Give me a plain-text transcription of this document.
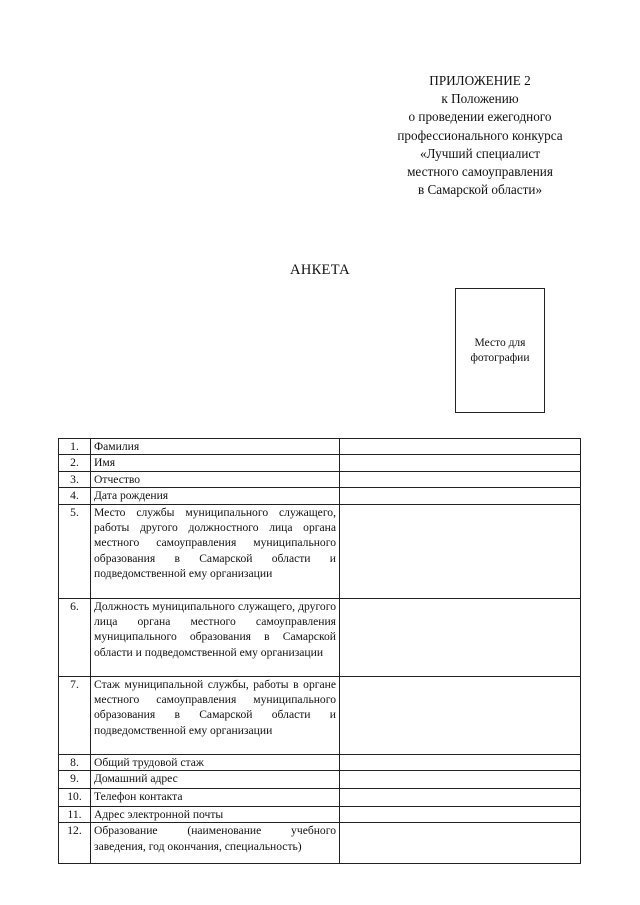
ПРИЛОЖЕНИЕ 2
к Положению
о проведении ежегодного
профессионального конкурса
«Лучший специалист
местного самоуправления
в Самарской области»
АНКЕТА
Место для
фотографии
1.	Фамилия	
2.	Имя	
3.	Отчество	
4.	Дата рождения	
5.	Место службы муниципального служащего, работы другого должностного лица органа местного самоуправления муниципального образования в Самарской области и подведомственной ему организации	
6.	Должность муниципального служащего, другого лица органа местного самоуправления муниципального образования в Самарской области и подведомственной ему организации	
7.	Стаж муниципальной службы, работы в органе местного самоуправления муниципального образования в Самарской области и подведомственной ему организации	
8.	Общий трудовой стаж	
9.	Домашний адрес	
10.	Телефон контакта	
11.	Адрес электронной почты	
12.	Образование (наименование учебного заведения, год окончания, специальность)	
